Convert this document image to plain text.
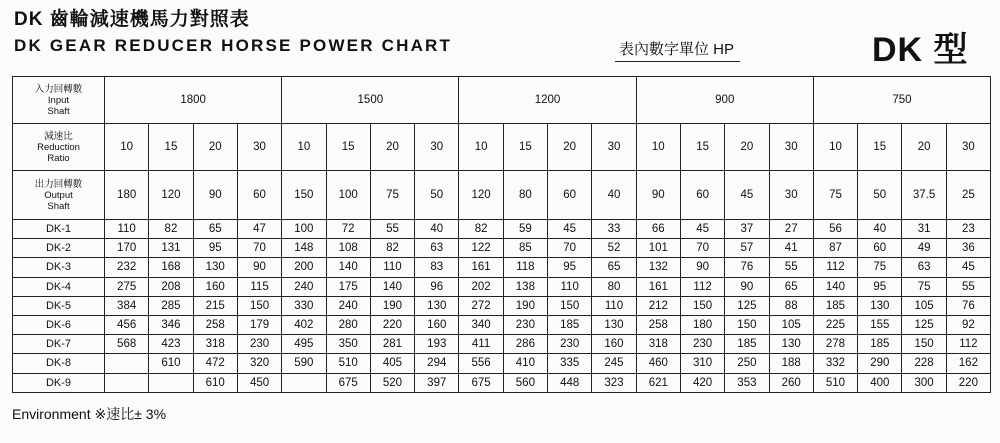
DK 齒輪減速機馬力對照表
DK GEAR REDUCER HORSE POWER CHART	表內數字單位 HP	DK 型
入力回轉數
Input
Shaft	1800				1500				1200				900				750			

減速比
Reduction
Ratio	10	15	20	30	10	15	20	30	10	15	20	30	10	15	20	30	10	15	20	30

出力回轉數
Output
Shaft	180	120	90	60	150	100	75	50	120	80	60	40	90	60	45	30	75	50	37.5	25
DK-1	110	82	65	47	100	72	55	40	82	59	45	33	66	45	37	27	56	40	31	23
DK-2	170	131	95	70	148	108	82	63	122	85	70	52	101	70	57	41	87	60	49	36
DK-3	232	168	130	90	200	140	110	83	161	118	95	65	132	90	76	55	112	75	63	45
DK-4	275	208	160	115	240	175	140	96	202	138	110	80	161	112	90	65	140	95	75	55
DK-5	384	285	215	150	330	240	190	130	272	190	150	110	212	150	125	88	185	130	105	76
DK-6	456	346	258	179	402	280	220	160	340	230	185	130	258	180	150	105	225	155	125	92
DK-7	568	423	318	230	495	350	281	193	411	286	230	160	318	230	185	130	278	185	150	112
DK-8		610	472	320	590	510	405	294	556	410	335	245	460	310	250	188	332	290	228	162
DK-9			610	450		675	520	397	675	560	448	323	621	420	353	260	510	400	300	220
Environment ※速比± 3%
